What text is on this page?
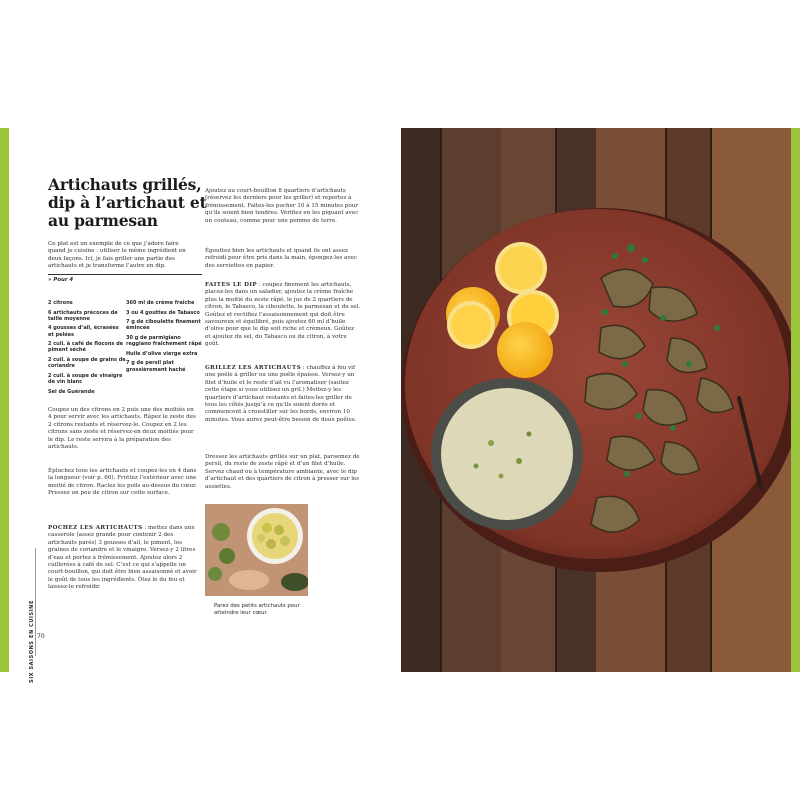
Artichauts grillés, dip à l’artichaut et au parmesan
Ce plat est un exemple de ce que j’adore faire quand je cuisine : utiliser le même ingrédient en deux façons. Ici, je fais griller une partie des artichauts et je transforme l’autre en dip.
» Pour 4
2 citrons
6 artichauts précoces de taille moyenne
4 gousses d’ail, écrasées et pelées
2 cuil. à café de flocons de piment séché
2 cuil. à soupe de grains de coriandre
2 cuil. à soupe de vinaigre de vin blanc
Sel de Guérande
360 ml de crème fraîche
3 ou 4 gouttes de Tabasco
7 g de ciboulette finement émincée
30 g de parmigiano reggiano fraîchement râpé
Huile d’olive vierge extra
7 g de persil plat grossièrement haché
Coupez un des citrons en 2 puis une des moitiés en 4 pour servir avec les artichauts. Râpez le zeste des 2 citrons restants et réservez-le. Coupez en 2 les citrons sans zeste et réservez-en deux moitiés pour le dip. Le reste servira à la préparation des artichauts.
Épluchez tous les artichauts et coupez-les en 4 dans la longueur (voir p. 66). Frottez l’extérieur avec une moitié de citron. Raclez les poils au-dessus du cœur. Pressez un peu de citron sur cette surface.
POCHEZ LES ARTICHAUTS : mettez dans une casserole (assez grande pour contenir 2 des artichauts parés) 3 gousses d’ail, le piment, les graines de coriandre et le vinaigre. Versez-y 2 litres d’eau et portez à frémissement. Ajoutez alors 2 cuillerées à café de sel. C’est ce qui s’appelle un court-bouillon, qui doit être bien assaisonné et avoir le goût de tous les ingrédients. Ôtez le du feu et laissez-le refroidir.
Ajoutez au court-bouillon 8 quartiers d’artichauts (réservez les derniers pour les griller) et reportez à frémissement. Faites-les pocher 10 à 15 minutes pour qu’ils soient bien tendres. Vérifiez en les piquant avec un couteau, comme pour une pomme de terre.
Égouttez bien les artichauts et quand ils ont assez refroidi pour être pris dans la main, épongez-les avec des serviettes en papier.
FAITES LE DIP : coupez finement les artichauts, placez-les dans un saladier, ajoutez la crème fraîche plus la moitié du zeste râpé, le jus de 2 quartiers de citron, le Tabasco, la ciboulette, le parmesan et du sel. Goûtez et rectifiez l’assaisonnement qui doit être savoureux et équilibré, puis ajoutez 60 ml d’huile d’olive pour que le dip soit riche et crémeux. Goûtez et ajoutez du sel, du Tabasco ou du citron, à votre goût.
GRILLEZ LES ARTICHAUTS : chauffez à feu vif une poêle à griller ou une poêle épaisse. Versez-y un filet d’huile et le reste d’ail vu l’aromatiser (sautez cette étape si vous utilisez un gril.) Mettez-y les quartiers d’artichaut restants et faites-les griller de tous les côtés jusqu’à ce qu’ils soient dorés et commencent à croustiller sur les bords, environ 10 minutes. Vous aurez peut-être besoin de deux poêles.
Dressez les artichauts grillés sur un plat, parsemez de persil, du reste de zeste râpé et d’un filet d’huile. Servez chaud ou à température ambiante, avec le dip d’artichaut et des quartiers de citron à presser sur les assiettes.
Parez des petits artichauts pour atteindre leur cœur.
SIX SAISONS EN CUISINE 70
